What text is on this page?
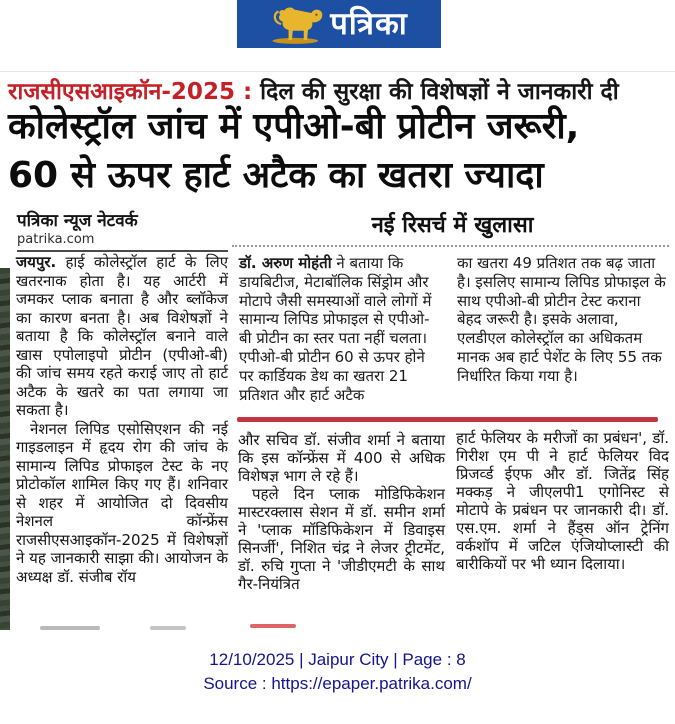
पत्रिका
राजसीएसआइकॉन-2025 : दिल की सुरक्षा की विशेषज्ञों ने जानकारी दी
कोलेस्ट्रॉल जांच में एपीओ-बी प्रोटीन जरूरी,
60 से ऊपर हार्ट अटैक का खतरा ज्यादा
पत्रिका न्यूज नेटवर्क
patrika.com

जयपुर. हाई कोलेस्ट्रॉल हार्ट के लिए खतरनाक होता है। यह आर्टरी में जमकर प्लाक बनाता है और ब्लॉकेज का कारण बनता है। अब विशेषज्ञों ने बताया है कि कोलेस्ट्रॉल बनाने वाले खास एपोलाइपो प्रोटीन (एपीओ-बी) की जांच समय रहते कराई जाए तो हार्ट अटैक के खतरे का पता लगाया जा सकता है।

नेशनल लिपिड एसोसिएशन की नई गाइडलाइन में हृदय रोग की जांच के सामान्य लिपिड प्रोफाइल टेस्ट के नए प्रोटोकॉल शामिल किए गए हैं। शनिवार से शहर में आयोजित दो दिवसीय नेशनल कॉन्फ्रेंस राजसीएसआइकॉन-2025 में विशेषज्ञों ने यह जानकारी साझा की। आयोजन के अध्यक्ष डॉ. संजीब रॉय

नई रिसर्च में खुलासा

डॉ. अरुण मोहंती ने बताया कि डायबिटीज, मेटाबॉलिक सिंड्रोम और मोटापे जैसी समस्याओं वाले लोगों में सामान्य लिपिड प्रोफाइल से एपीओ-बी प्रोटीन का स्तर पता नहीं चलता। एपीओ-बी प्रोटीन 60 से ऊपर होने पर कार्डियक डेथ का खतरा 21 प्रतिशत और हार्ट अटैक

का खतरा 49 प्रतिशत तक बढ़ जाता है। इसलिए सामान्य लिपिड प्रोफाइल के साथ एपीओ-बी प्रोटीन टेस्ट कराना बेहद जरूरी है। इसके अलावा, एलडीएल कोलेस्ट्रॉल का अधिकतम मानक अब हार्ट पेशेंट के लिए 55 तक निर्धारित किया गया है।

और सचिव डॉ. संजीव शर्मा ने बताया कि इस कॉन्फ्रेंस में 400 से अधिक विशेषज्ञ भाग ले रहे हैं।

पहले दिन प्लाक मोडिफिकेशन मास्टरक्लास सेशन में डॉ. समीन शर्मा ने 'प्लाक मॉडिफिकेशन में डिवाइस सिनर्जी', निशित चंद्र ने लेजर ट्रीटमेंट, डॉ. रुचि गुप्ता ने 'जीडीएमटी के साथ गैर-नियंत्रित

हार्ट फेलियर के मरीजों का प्रबंधन', डॉ. गिरीश एम पी ने हार्ट फेलियर विद प्रिजर्व्ड ईएफ और डॉ. जितेंद्र सिंह मक्कड़ ने जीएलपी1 एगोनिस्ट से मोटापे के प्रबंधन पर जानकारी दी। डॉ. एस.एम. शर्मा ने हैंड्स ऑन ट्रेनिंग वर्कशॉप में जटिल एंजियोप्लास्टी की बारीकियों पर भी ध्यान दिलाया।

12/10/2025 | Jaipur City | Page : 8
Source : https://epaper.patrika.com/
